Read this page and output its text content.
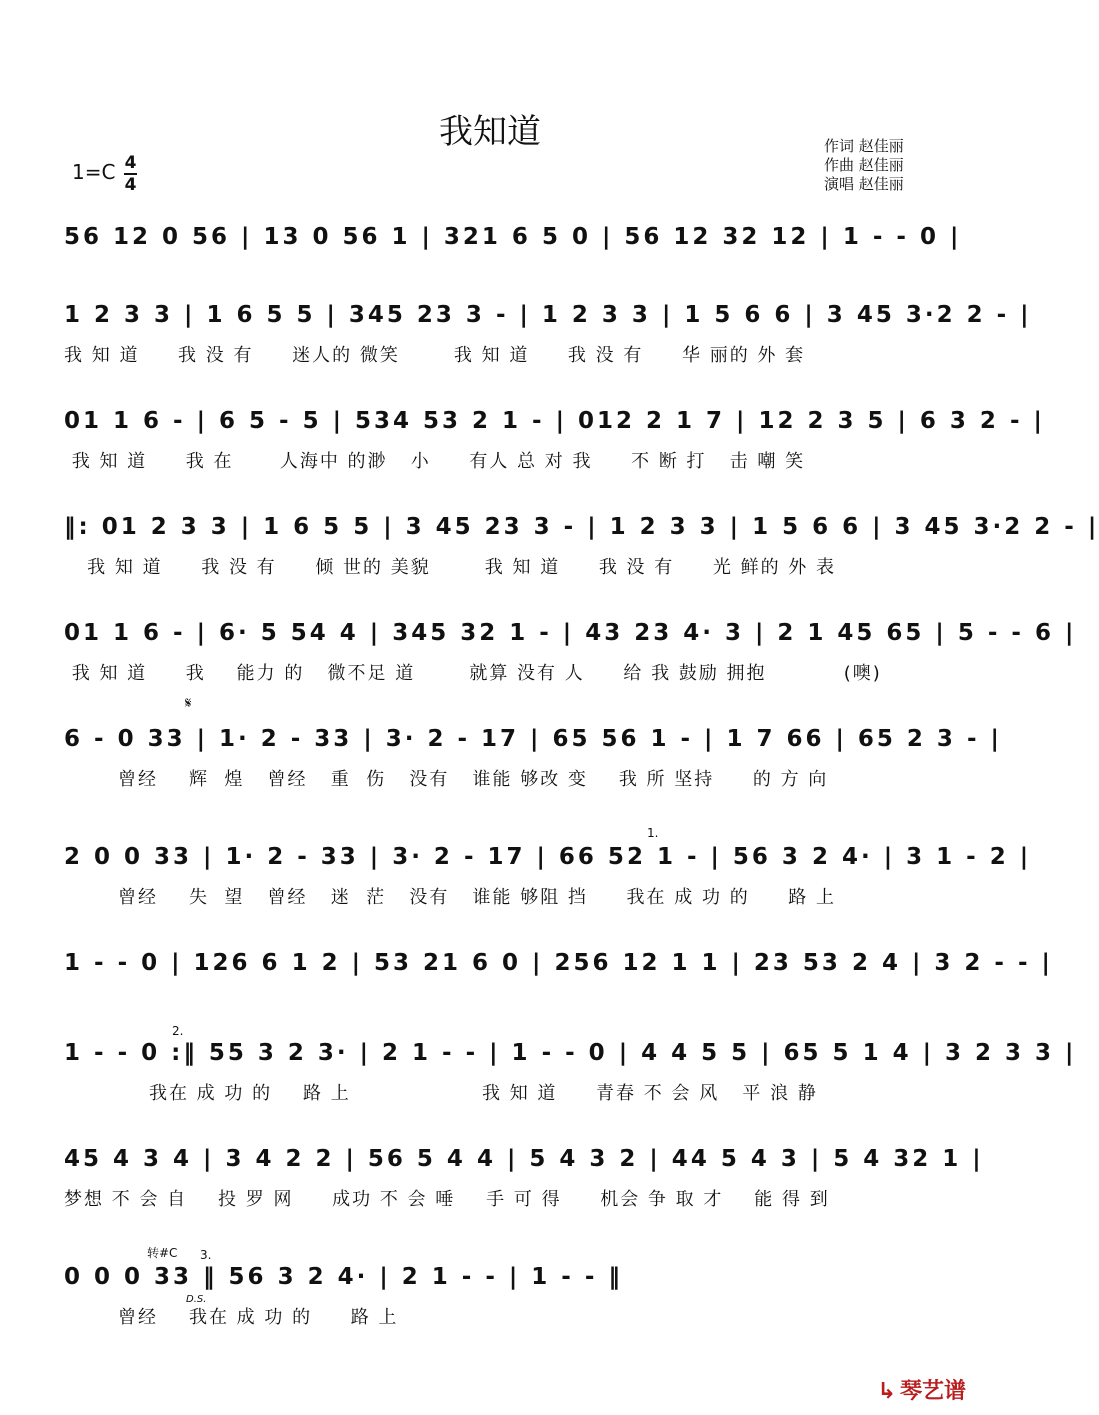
我知道
1=C 4
4
作词 赵佳丽
作曲 赵佳丽
演唱 赵佳丽
56 12 0 56 | 13 0 56 1 | 321 6 5 0 | 56 12 32 12 | 1 - - 0 |
1 2 3 3 | 1 6 5 5 | 345 23 3 - | 1 2 3 3 | 1 5 6 6 | 3 45 3·2 2 - |
我 知 道     我 没 有     迷人的 微笑       我 知 道     我 没 有     华 丽的 外 套
01 1 6 - | 6 5 - 5 | 534 53 2 1 - | 012 2 1 7 | 12 2 3 5 | 6 3 2 - |
我 知 道     我 在      人海中 的渺   小     有人 总 对 我     不 断 打   击 嘲 笑
‖: 01 2 3 3 | 1 6 5 5 | 3 45 23 3 - | 1 2 3 3 | 1 5 6 6 | 3 45 3·2 2 - |
我 知 道     我 没 有     倾 世的 美貌       我 知 道     我 没 有     光 鲜的 外 表
01 1 6 - | 6· 5 54 4 | 345 32 1 - | 43 23 4· 3 | 2 1 45 65 | 5 - - 6 |
我 知 道     我    能力 的   微不足 道       就算 没有 人     给 我 鼓励 拥抱          (噢)
6 - 0 33 | 1· 2 - 33 | 3· 2 - 17 | 65 56 1 - | 1 7 66 | 65 2 3 - |
曾经    辉  煌   曾经   重  伤   没有   谁能 够改 变    我 所 坚持     的 方 向
2 0 0 33 | 1· 2 - 33 | 3· 2 - 17 | 66 52 1 - | 56 3 2 4· | 3 1 - 2 |
曾经    失  望   曾经   迷  茫   没有   谁能 够阻 挡     我在 成 功 的     路 上
1 - - 0 | 126 6 1 2 | 53 21 6 0 | 256 12 1 1 | 23 53 2 4 | 3 2 - - |
1 - - 0 :‖ 55 3 2 3· | 2 1 - - | 1 - - 0 | 4 4 5 5 | 65 5 1 4 | 3 2 3 3 |
我在 成 功 的    路 上                 我 知 道     青春 不 会 风   平 浪 静
45 4 3 4 | 3 4 2 2 | 56 5 4 4 | 5 4 3 2 | 44 5 4 3 | 5 4 32 1 |
梦想 不 会 自    投 罗 网     成功 不 会 唾    手 可 得     机会 争 取 才    能 得 到
0 0 0 33 ‖ 56 3 2 4· | 2 1 - - | 1 - - ‖
曾经    我在 成 功 的     路 上
1.
2.
3.
转#C
D.S.
𝄋
↳ 琴艺谱
